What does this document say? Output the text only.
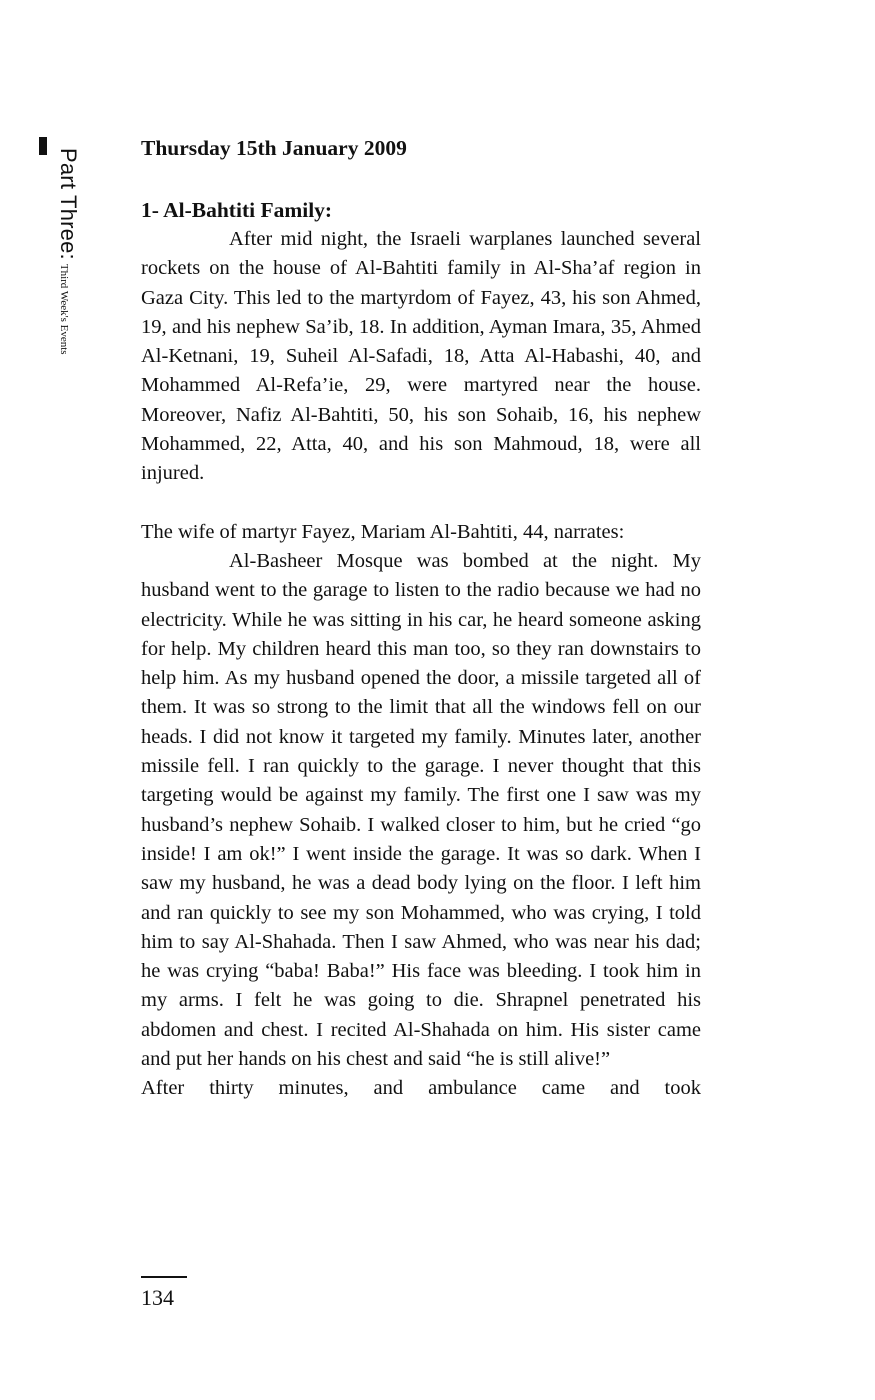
Part Three:Third Week's Events
Thursday 15th January 2009
1- Al-Bahtiti Family:

After mid night, the Israeli warplanes launched several rockets on the house of Al-Bahtiti family in Al-Sha’af region in Gaza City. This led to the martyrdom of Fayez, 43, his son Ahmed, 19, and his nephew Sa’ib, 18. In addition, Ayman Imara, 35, Ahmed Al-Ketnani, 19, Suheil Al-Safadi, 18, Atta Al-Habashi, 40, and Mohammed Al-Refa’ie, 29, were martyred near the house. Moreover, Nafiz Al-Bahtiti, 50, his son Sohaib, 16, his nephew Mohammed, 22, Atta, 40, and his son Mahmoud, 18, were all injured.

The wife of martyr Fayez, Mariam Al-Bahtiti, 44, narrates:

Al-Basheer Mosque was bombed at the night. My husband went to the garage to listen to the radio because we had no electricity. While he was sitting in his car, he heard someone asking for help. My children heard this man too, so they ran downstairs to help him. As my husband opened the door, a missile targeted all of them. It was so strong to the limit that all the windows fell on our heads. I did not know it targeted my family. Minutes later, another missile fell. I ran quickly to the garage. I never thought that this targeting would be against my family. The first one I saw was my husband’s nephew Sohaib. I walked closer to him, but he cried “go inside! I am ok!” I went inside the garage. It was so dark. When I saw my husband, he was a dead body lying on the floor. I left him and ran quickly to see my son Mohammed, who was crying, I told him to say Al-Shahada. Then I saw Ahmed, who was near his dad; he was crying “baba! Baba!” His face was bleeding. I took him in my arms. I felt he was going to die. Shrapnel penetrated his abdomen and chest. I recited Al-Shahada on him. His sister came and put her hands on his chest and said “he is still alive!”

After thirty minutes, and ambulance came and took

134
